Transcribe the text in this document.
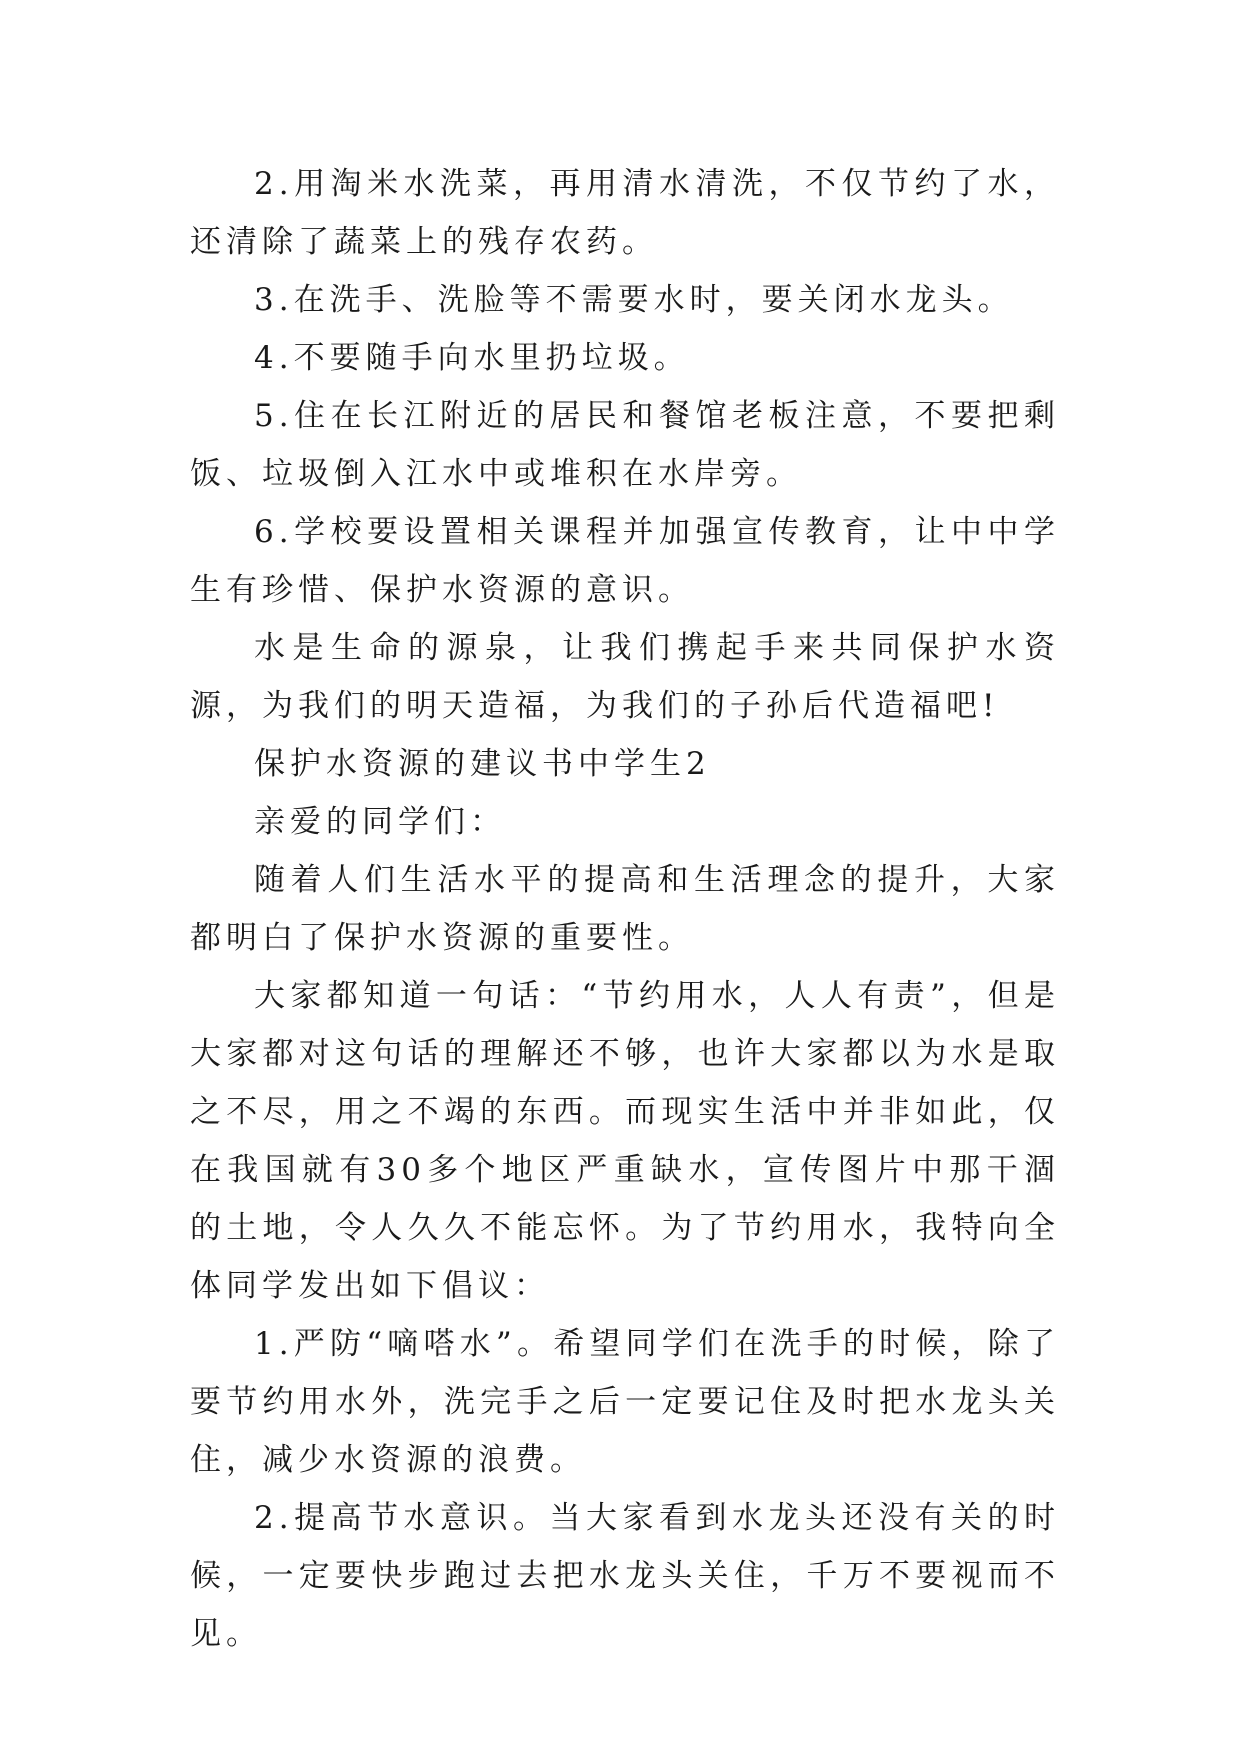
2.用淘米水洗菜，再用清水清洗，不仅节约了水，还清除了蔬菜上的残存农药。

3.在洗手、洗脸等不需要水时，要关闭水龙头。

4.不要随手向水里扔垃圾。

5.住在长江附近的居民和餐馆老板注意，不要把剩饭、垃圾倒入江水中或堆积在水岸旁。

6.学校要设置相关课程并加强宣传教育，让中中学生有珍惜、保护水资源的意识。

水是生命的源泉，让我们携起手来共同保护水资源，为我们的明天造福，为我们的子孙后代造福吧!

保护水资源的建议书中学生2

亲爱的同学们：

随着人们生活水平的提高和生活理念的提升，大家都明白了保护水资源的重要性。

大家都知道一句话：“节约用水，人人有责”，但是大家都对这句话的理解还不够，也许大家都以为水是取之不尽，用之不竭的东西。而现实生活中并非如此，仅在我国就有30多个地区严重缺水，宣传图片中那干涸的土地，令人久久不能忘怀。为了节约用水，我特向全体同学发出如下倡议：

1.严防“嘀嗒水”。希望同学们在洗手的时候，除了要节约用水外，洗完手之后一定要记住及时把水龙头关住，减少水资源的浪费。

2.提高节水意识。当大家看到水龙头还没有关的时候，一定要快步跑过去把水龙头关住，千万不要视而不见。
